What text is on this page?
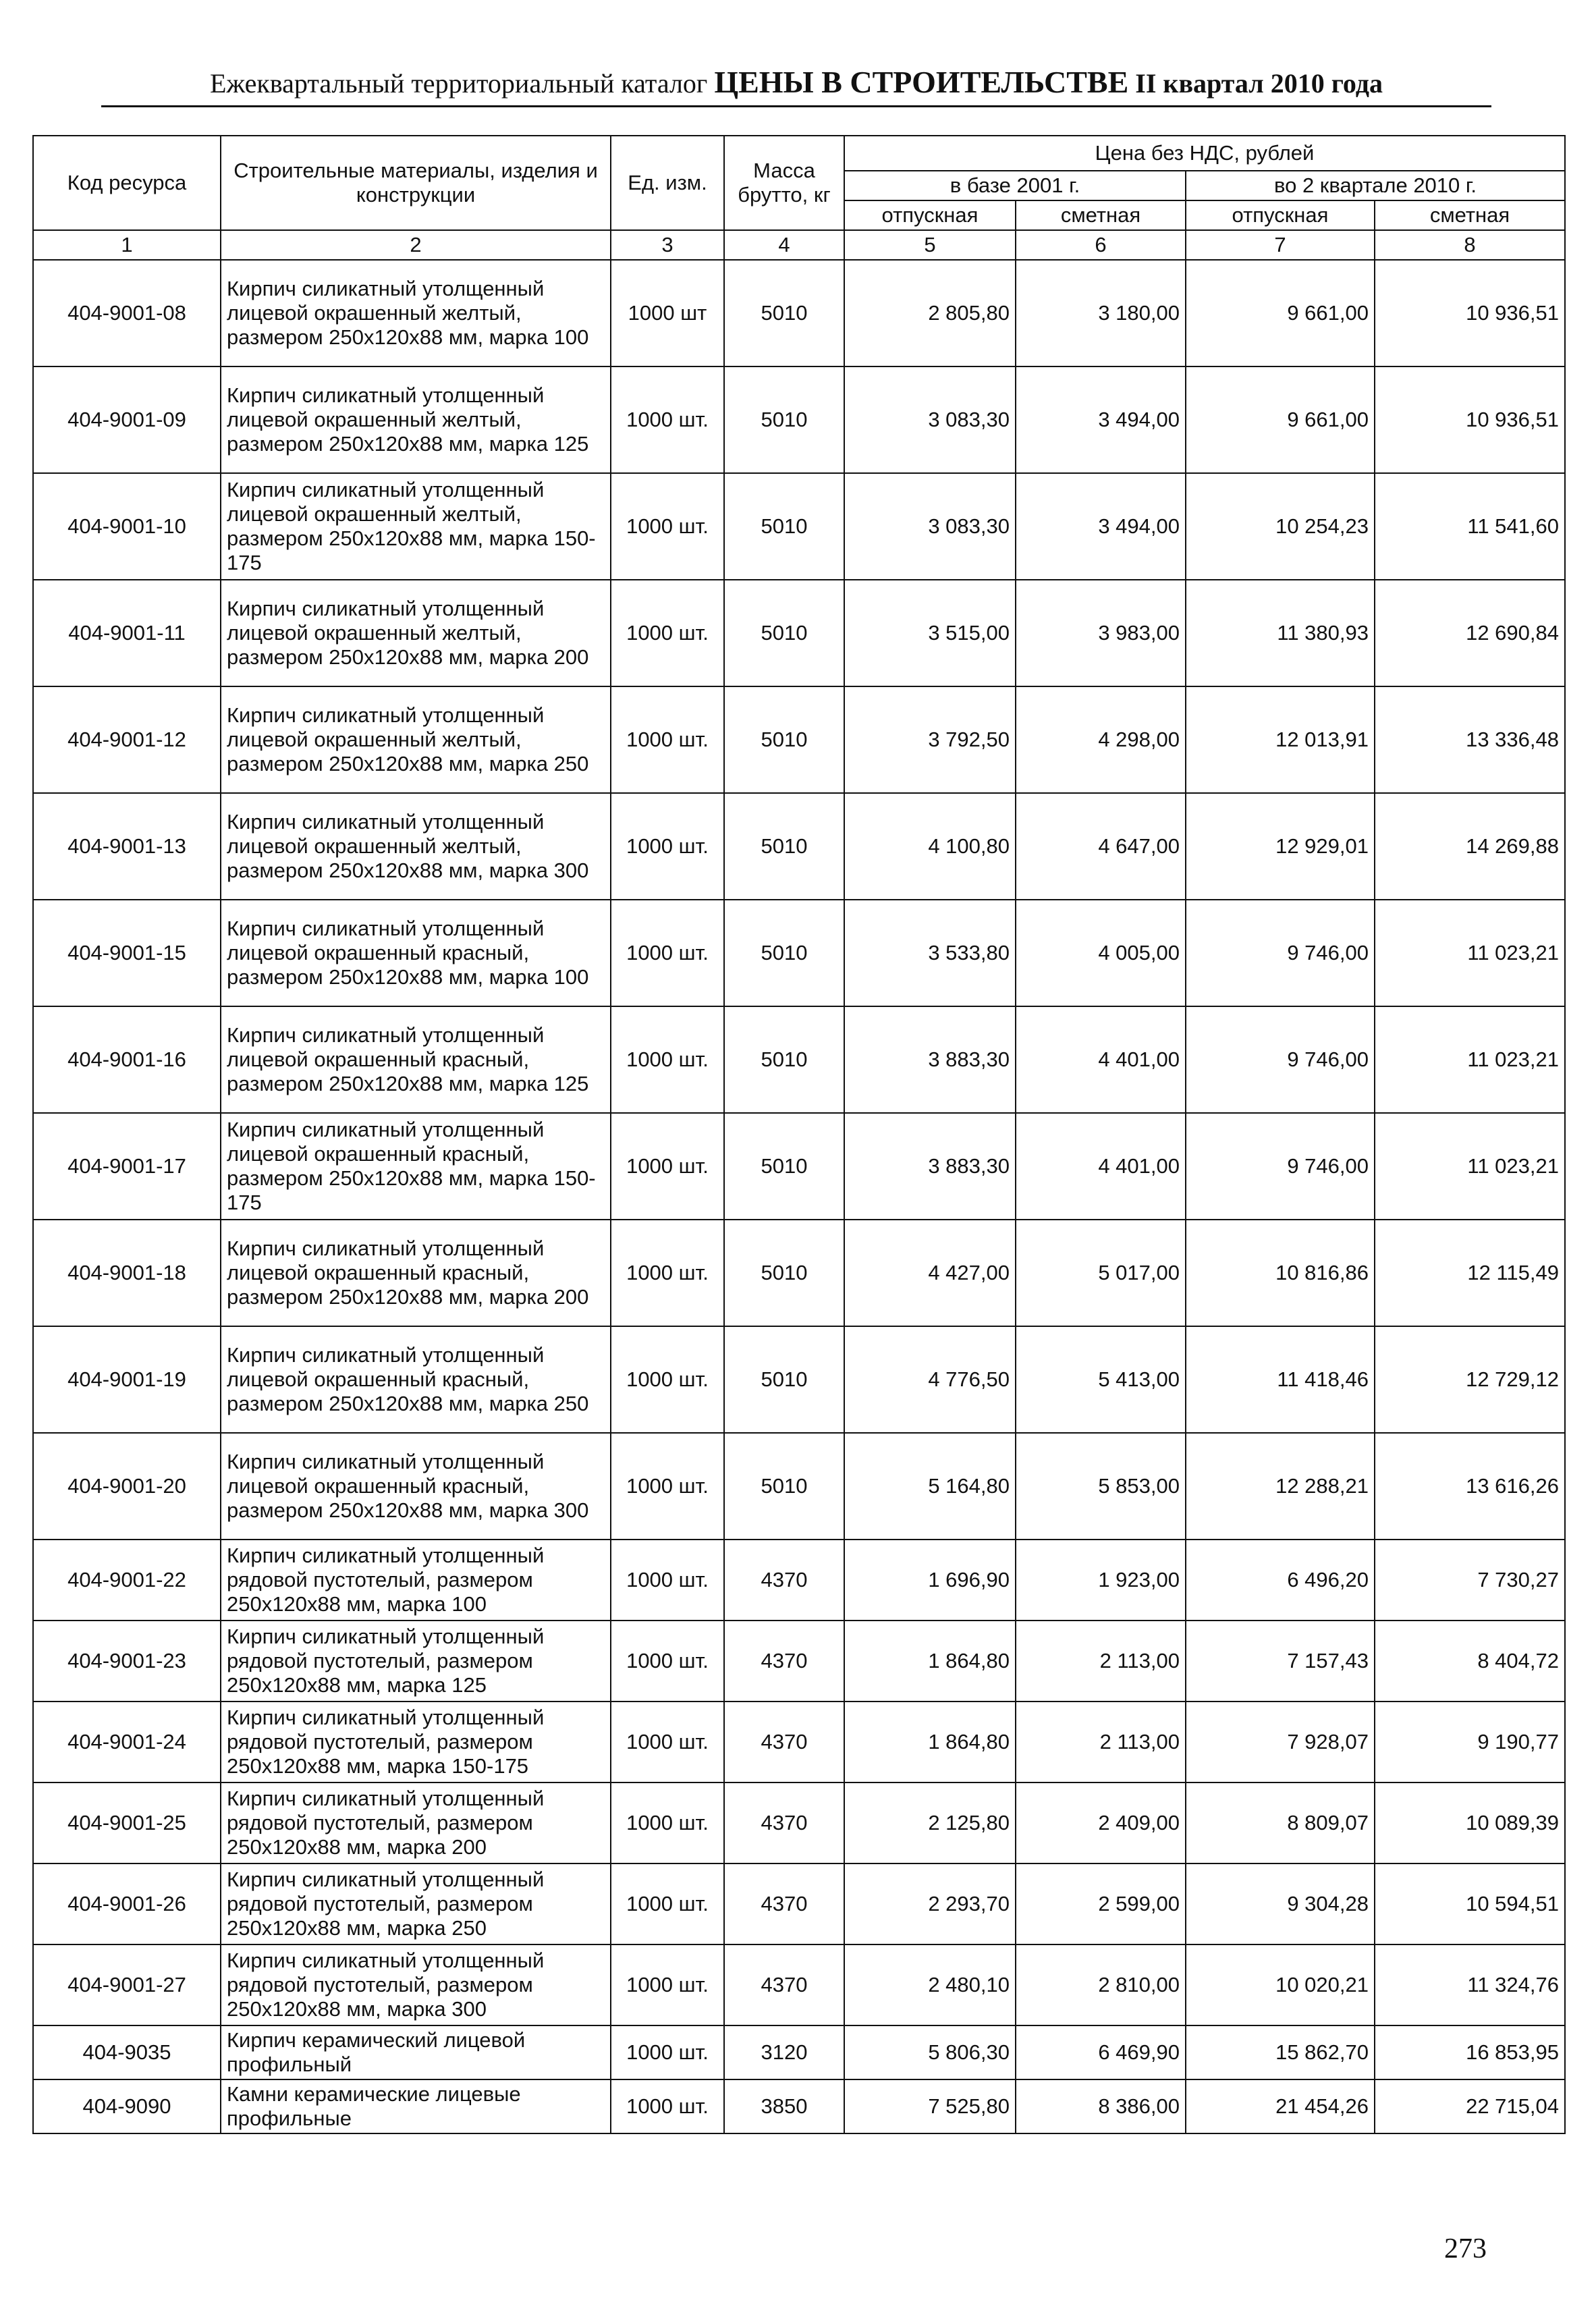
Ежеквартальный территориальный каталог ЦЕНЫ В СТРОИТЕЛЬСТВЕ II квартал 2010 года
Код ресурса	Строительные материалы, изделия и конструкции	Ед. изм.	Масса брутто, кг	Цена без НДС, рублей			
				в базе 2001 г.		во 2 квартале 2010 г.	
				отпускная	сметная	отпускная	сметная
1	2	3	4	5	6	7	8
404-9001-08	Кирпич силикатный утолщенный лицевой окрашенный желтый, размером 250х120х88 мм, марка 100	1000 шт	5010	2 805,80	3 180,00	9 661,00	10 936,51
404-9001-09	Кирпич силикатный утолщенный лицевой окрашенный желтый, размером 250х120х88 мм, марка 125	1000 шт.	5010	3 083,30	3 494,00	9 661,00	10 936,51
404-9001-10	Кирпич силикатный утолщенный лицевой окрашенный желтый, размером 250х120х88 мм, марка 150-175	1000 шт.	5010	3 083,30	3 494,00	10 254,23	11 541,60
404-9001-11	Кирпич силикатный утолщенный лицевой окрашенный желтый, размером 250х120х88 мм, марка 200	1000 шт.	5010	3 515,00	3 983,00	11 380,93	12 690,84
404-9001-12	Кирпич силикатный утолщенный лицевой окрашенный желтый, размером 250х120х88 мм, марка 250	1000 шт.	5010	3 792,50	4 298,00	12 013,91	13 336,48
404-9001-13	Кирпич силикатный утолщенный лицевой окрашенный желтый, размером 250х120х88 мм, марка 300	1000 шт.	5010	4 100,80	4 647,00	12 929,01	14 269,88
404-9001-15	Кирпич силикатный утолщенный лицевой окрашенный красный, размером 250х120х88 мм, марка 100	1000 шт.	5010	3 533,80	4 005,00	9 746,00	11 023,21
404-9001-16	Кирпич силикатный утолщенный лицевой окрашенный красный, размером 250х120х88 мм, марка 125	1000 шт.	5010	3 883,30	4 401,00	9 746,00	11 023,21
404-9001-17	Кирпич силикатный утолщенный лицевой окрашенный красный, размером 250х120х88 мм, марка 150-175	1000 шт.	5010	3 883,30	4 401,00	9 746,00	11 023,21
404-9001-18	Кирпич силикатный утолщенный лицевой окрашенный красный, размером 250х120х88 мм, марка 200	1000 шт.	5010	4 427,00	5 017,00	10 816,86	12 115,49
404-9001-19	Кирпич силикатный утолщенный лицевой окрашенный красный, размером 250х120х88 мм, марка 250	1000 шт.	5010	4 776,50	5 413,00	11 418,46	12 729,12
404-9001-20	Кирпич силикатный утолщенный лицевой окрашенный красный, размером 250х120х88 мм, марка 300	1000 шт.	5010	5 164,80	5 853,00	12 288,21	13 616,26
404-9001-22	Кирпич силикатный утолщенный рядовой пустотелый, размером 250х120х88 мм, марка 100	1000 шт.	4370	1 696,90	1 923,00	6 496,20	7 730,27
404-9001-23	Кирпич силикатный утолщенный рядовой пустотелый, размером 250х120х88 мм, марка 125	1000 шт.	4370	1 864,80	2 113,00	7 157,43	8 404,72
404-9001-24	Кирпич силикатный утолщенный рядовой пустотелый, размером 250х120х88 мм, марка 150-175	1000 шт.	4370	1 864,80	2 113,00	7 928,07	9 190,77
404-9001-25	Кирпич силикатный утолщенный рядовой пустотелый, размером 250х120х88 мм, марка 200	1000 шт.	4370	2 125,80	2 409,00	8 809,07	10 089,39
404-9001-26	Кирпич силикатный утолщенный рядовой пустотелый, размером 250х120х88 мм, марка 250	1000 шт.	4370	2 293,70	2 599,00	9 304,28	10 594,51
404-9001-27	Кирпич силикатный утолщенный рядовой пустотелый, размером 250х120х88 мм, марка 300	1000 шт.	4370	2 480,10	2 810,00	10 020,21	11 324,76
404-9035	Кирпич керамический лицевой профильный	1000 шт.	3120	5 806,30	6 469,90	15 862,70	16 853,95
404-9090	Камни керамические лицевые профильные	1000 шт.	3850	7 525,80	8 386,00	21 454,26	22 715,04
273
